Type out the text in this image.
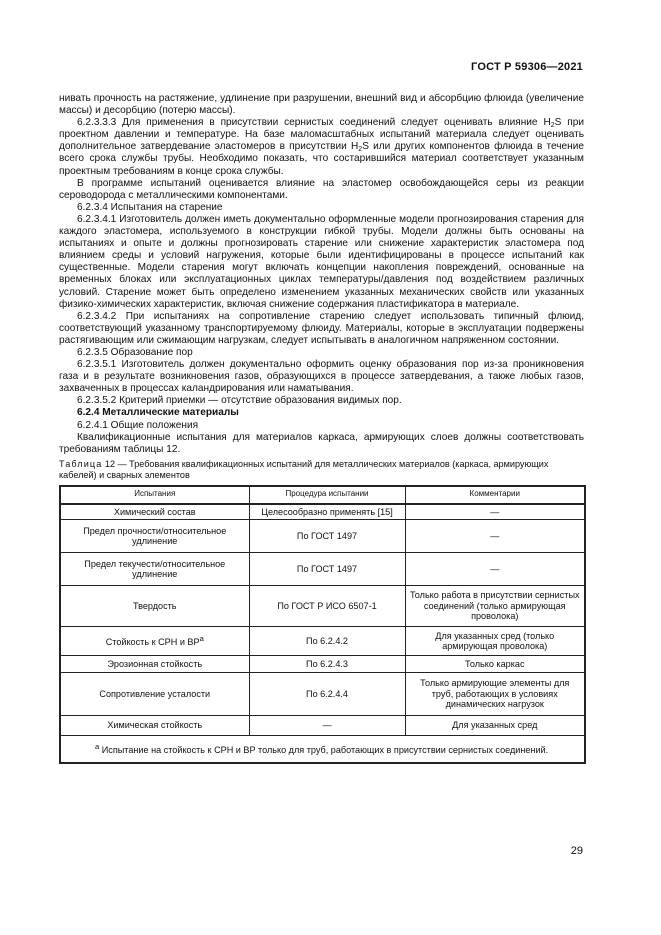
ГОСТ Р 59306—2021

нивать прочность на растяжение, удлинение при разрушении, внешний вид и абсорбцию флюида (увеличение массы) и десорбцию (потерю массы).

6.2.3.3.3 Для применения в присутствии сернистых соединений следует оценивать влияние $H_2S$ при проектном давлении и температуре. На базе маломасштабных испытаний материала следует оценивать дополнительное затвердевание эластомеров в присутствии $H_2S$ или других компонентов флюида в течение всего срока службы трубы. Необходимо показать, что состарившийся материал соответствует указанным проектным требованиям в конце срока службы.

В программе испытаний оценивается влияние на эластомер освобождающейся серы из реакции сероводорода с металлическими компонентами.

6.2.3.4 Испытания на старение

6.2.3.4.1 Изготовитель должен иметь документально оформленные модели прогнозирования старения для каждого эластомера, используемого в конструкции гибкой трубы. Модели должны быть основаны на испытаниях и опыте и должны прогнозировать старение или снижение характеристик эластомера под влиянием среды и условий нагружения, которые были идентифицированы в процессе испытаний как существенные. Модели старения могут включать концепции накопления повреждений, основанные на временных блоках или эксплуатационных циклах температуры/давления под воздействием различных условий. Старение может быть определено изменением указанных механических свойств или указанных физико-химических характеристик, включая снижение содержания пластификатора в материале.

6.2.3.4.2 При испытаниях на сопротивление старению следует использовать типичный флюид, соответствующий указанному транспортируемому флюиду. Материалы, которые в эксплуатации подвержены растягивающим или сжимающим нагрузкам, следует испытывать в аналогичном напряженном состоянии.

6.2.3.5 Образование пор

6.2.3.5.1 Изготовитель должен документально оформить оценку образования пор из-за проникновения газа и в результате возникновения газов, образующихся в процессе затвердевания, а также любых газов, захваченных в процессах каландрирования или наматывания.

6.2.3.5.2 Критерий приемки — отсутствие образования видимых пор.

6.2.4 Металлические материалы

6.2.4.1 Общие положения

Квалификационные испытания для материалов каркаса, армирующих слоев должны соответствовать требованиям таблицы 12.

Таблица 12 — Требования квалификационных испытаний для металлических материалов (каркаса, армирующих кабелей) и сварных элементов

Испытания	Процедура испытании	Комментарии
Химический состав	Целесообразно применять [15]	—
Предел прочности/относительное удлинение	По ГОСТ 1497	—
Предел текучести/относительное удлинение	По ГОСТ 1497	—
Твердость	По ГОСТ Р ИСО 6507-1	Только работа в присутствии сернистых соединений (только армирующая проволока)
Стойкость к СРН и $ВР^а$	По 6.2.4.2	Для указанных сред (только армирующая проволока)
Эрозионная стойкость	По 6.2.4.3	Только каркас
Сопротивление усталости	По 6.2.4.4	Только армирующие элементы для труб, работающих в условиях динамических нагрузок
Химическая стойкость	—	Для указанных сред
$^а$ Испытание на стойкость к СРН и ВР только для труб, работающих в присутствии сернистых соединений.		
29
